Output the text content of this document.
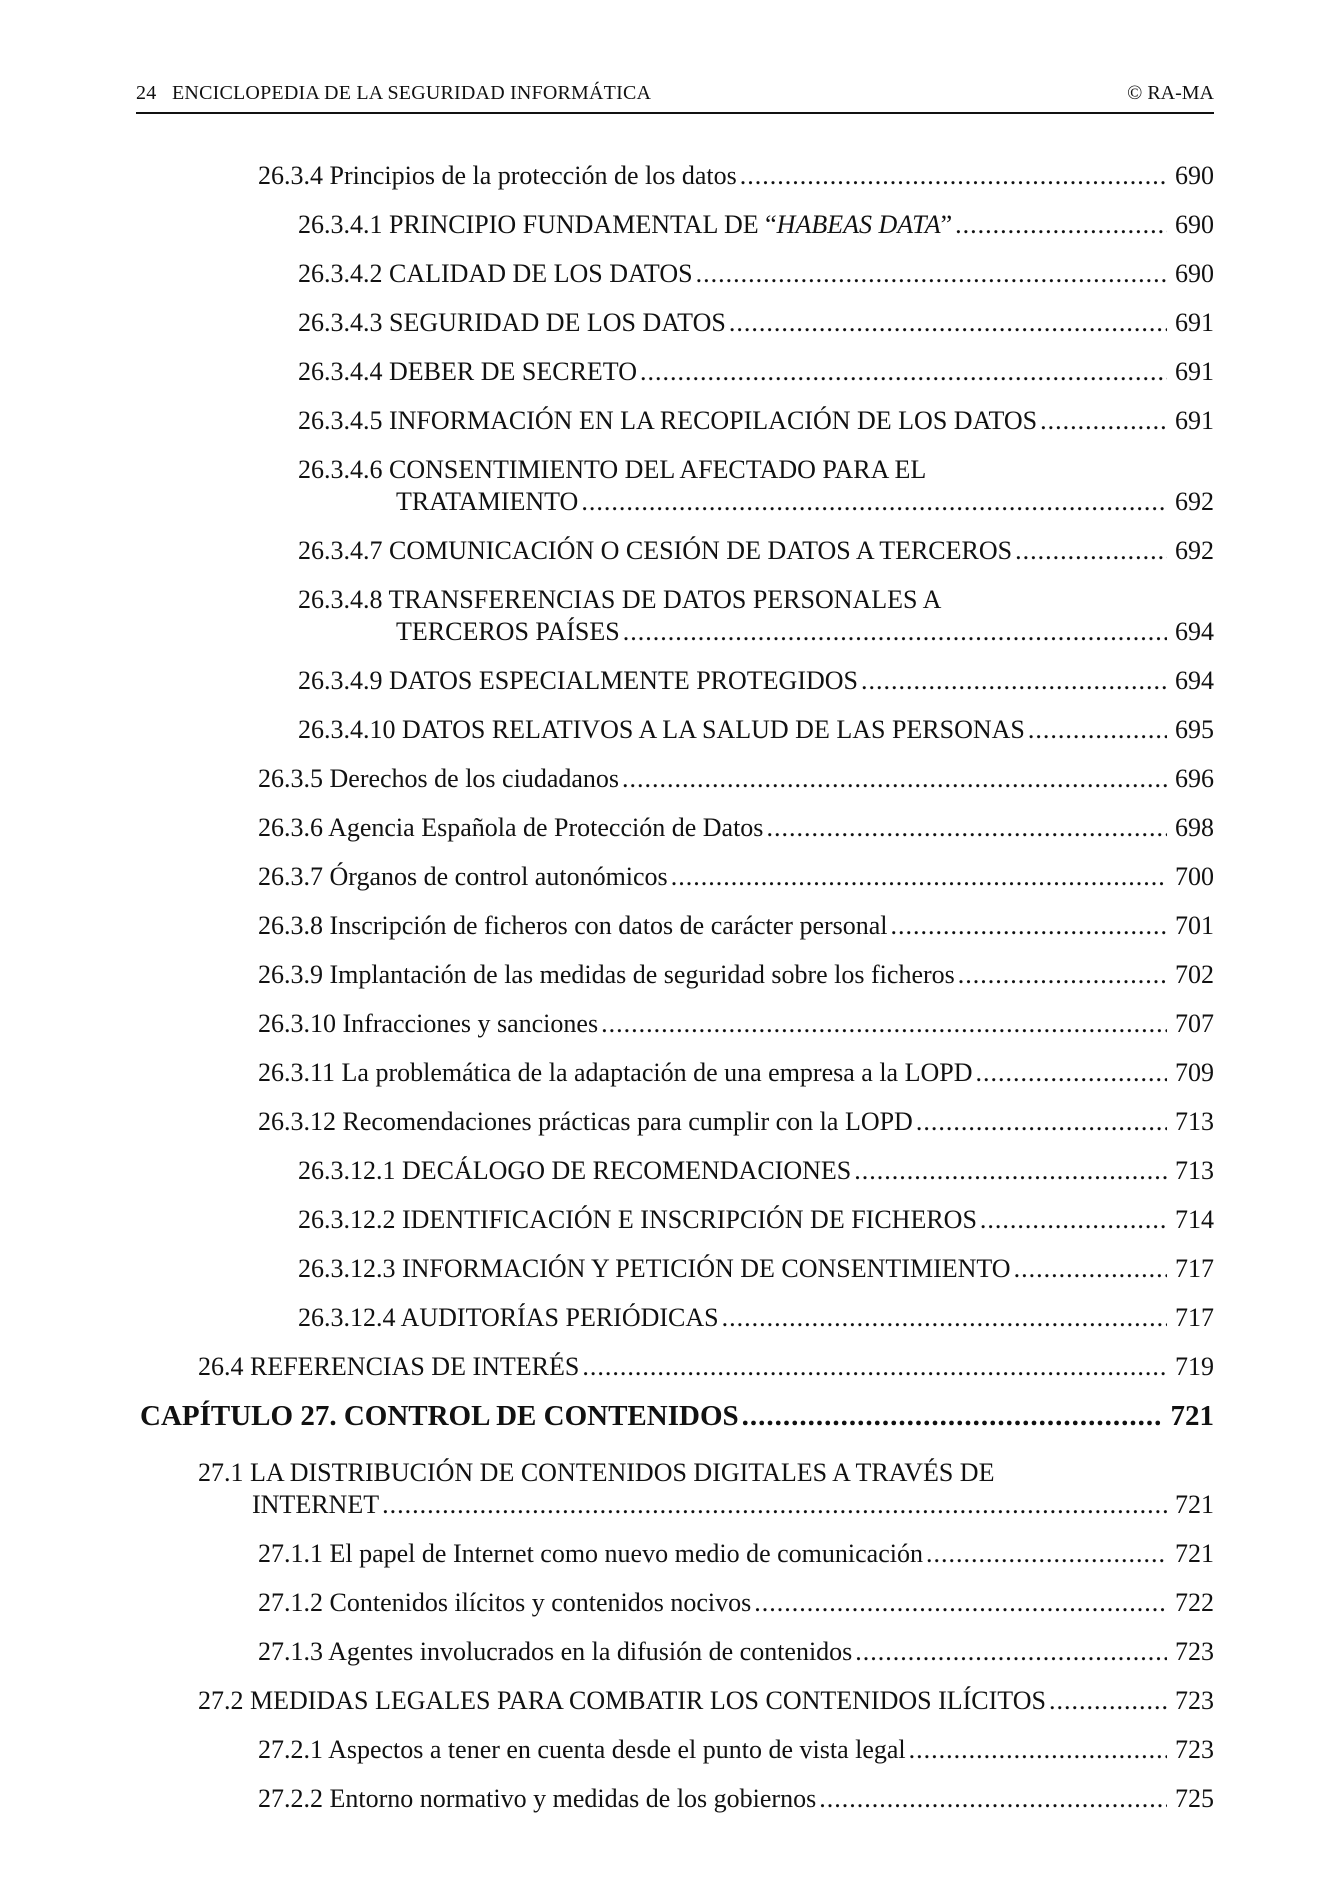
24 ENCICLOPEDIA DE LA SEGURIDAD INFORMÁTICA	© RA-MA
26.3.4 Principios de la protección de los datos .....	690
26.3.4.1 PRINCIPIO FUNDAMENTAL DE “HABEAS DATA” .....	690
26.3.4.2 CALIDAD DE LOS DATOS .....	690
26.3.4.3 SEGURIDAD DE LOS DATOS .....	691
26.3.4.4 DEBER DE SECRETO .....	691
26.3.4.5 INFORMACIÓN EN LA RECOPILACIÓN DE LOS DATOS .....	691
26.3.4.6 CONSENTIMIENTO DEL AFECTADO PARA EL
TRATAMIENTO .....	692
26.3.4.7 COMUNICACIÓN O CESIÓN DE DATOS A TERCEROS .....	692
26.3.4.8 TRANSFERENCIAS DE DATOS PERSONALES A
TERCEROS PAÍSES .....	694
26.3.4.9 DATOS ESPECIALMENTE PROTEGIDOS .....	694
26.3.4.10 DATOS RELATIVOS A LA SALUD DE LAS PERSONAS .....	695
26.3.5 Derechos de los ciudadanos .....	696
26.3.6 Agencia Española de Protección de Datos .....	698
26.3.7 Órganos de control autonómicos .....	700
26.3.8 Inscripción de ficheros con datos de carácter personal .....	701
26.3.9 Implantación de las medidas de seguridad sobre los ficheros .....	702
26.3.10 Infracciones y sanciones .....	707
26.3.11 La problemática de la adaptación de una empresa a la LOPD .....	709
26.3.12 Recomendaciones prácticas para cumplir con la LOPD .....	713
26.3.12.1 DECÁLOGO DE RECOMENDACIONES .....	713
26.3.12.2 IDENTIFICACIÓN E INSCRIPCIÓN DE FICHEROS .....	714
26.3.12.3 INFORMACIÓN Y PETICIÓN DE CONSENTIMIENTO .....	717
26.3.12.4 AUDITORÍAS PERIÓDICAS .....	717
26.4 REFERENCIAS DE INTERÉS .....	719
CAPÍTULO 27. CONTROL DE CONTENIDOS .....	721
27.1 LA DISTRIBUCIÓN DE CONTENIDOS DIGITALES A TRAVÉS DE
INTERNET .....	721
27.1.1 El papel de Internet como nuevo medio de comunicación .....	721
27.1.2 Contenidos ilícitos y contenidos nocivos .....	722
27.1.3 Agentes involucrados en la difusión de contenidos .....	723
27.2 MEDIDAS LEGALES PARA COMBATIR LOS CONTENIDOS ILÍCITOS .....	723
27.2.1 Aspectos a tener en cuenta desde el punto de vista legal .....	723
27.2.2 Entorno normativo y medidas de los gobiernos .....	725
